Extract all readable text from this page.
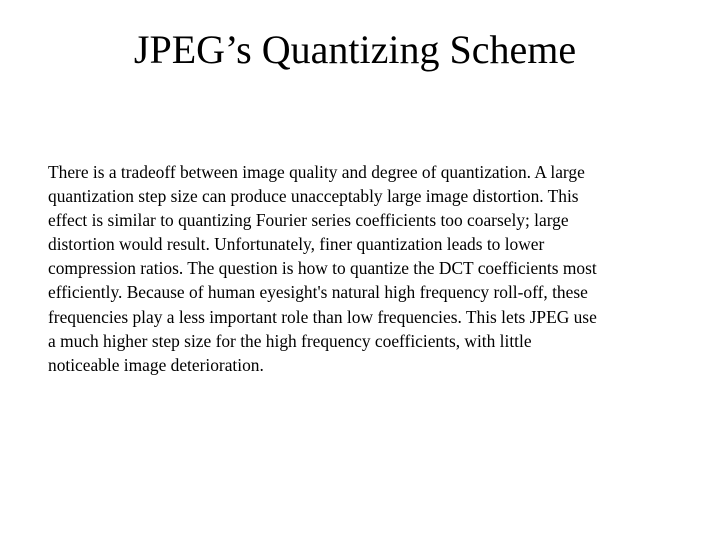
JPEG’s Quantizing Scheme

There is a tradeoff between image quality and degree of quantization. A large
quantization step size can produce unacceptably large image distortion. This
effect is similar to quantizing Fourier series coefficients too coarsely; large
distortion would result. Unfortunately, finer quantization leads to lower
compression ratios. The question is how to quantize the DCT coefficients most
efficiently. Because of human eyesight's natural high frequency roll-off, these
frequencies play a less important role than low frequencies. This lets JPEG use
a much higher step size for the high frequency coefficients, with little
noticeable image deterioration.
